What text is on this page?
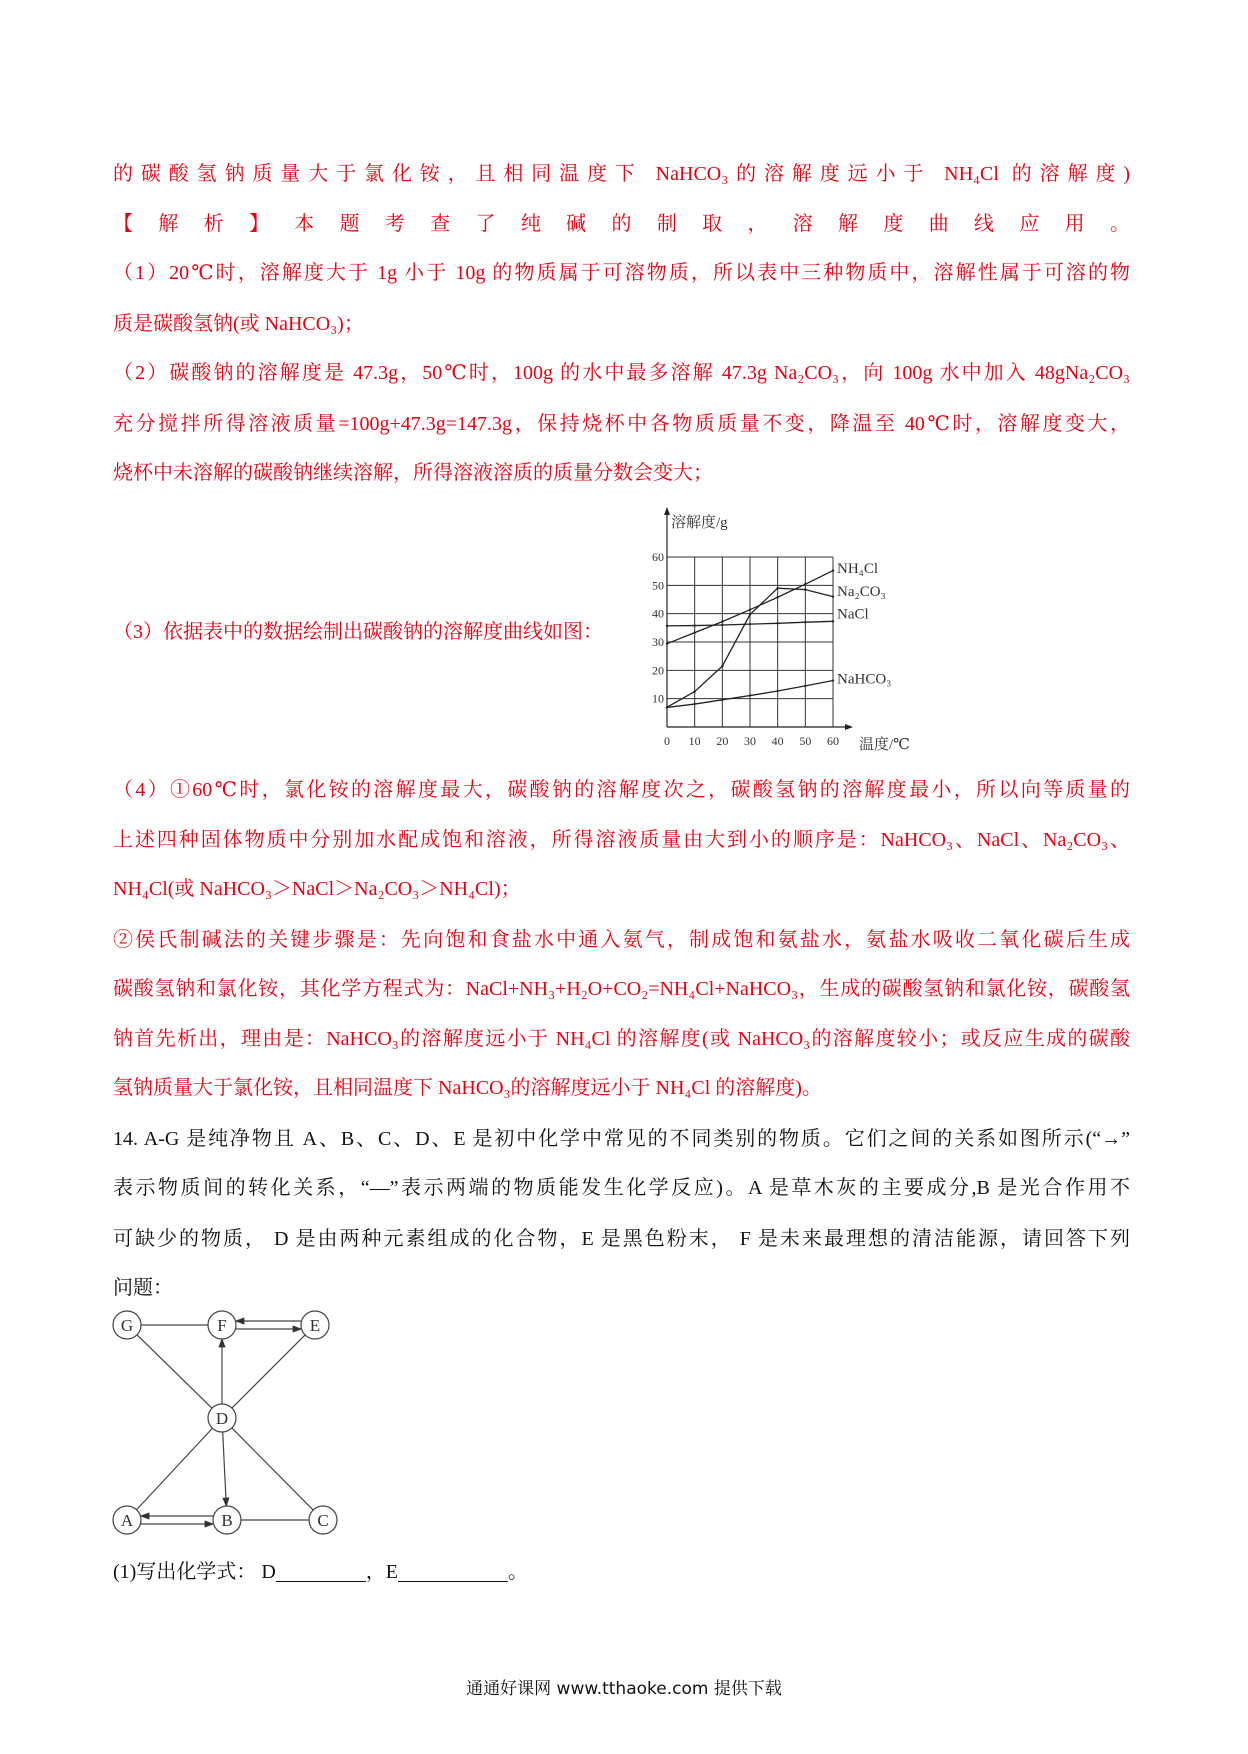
的碳酸氢钠质量大于氯化铵，且相同温度下 NaHCO₃的溶解度远小于 NH₄Cl 的溶解度)
【解析】本题考查了纯碱的制取，溶解度曲线应用。
（1）20℃时，溶解度大于 1g 小于 10g 的物质属于可溶物质，所以表中三种物质中，溶解性属于可溶的物
质是碳酸氢钠(或 NaHCO₃)；
（2）碳酸钠的溶解度是 47.3g，50℃时，100g 的水中最多溶解 47.3g Na₂CO₃，向 100g 水中加入 48gNa₂CO₃
充分搅拌所得溶液质量=100g+47.3g=147.3g，保持烧杯中各物质质量不变，降温至 40℃时，溶解度变大，
烧杯中未溶解的碳酸钠继续溶解，所得溶液溶质的质量分数会变大；
（3）依据表中的数据绘制出碳酸钠的溶解度曲线如图：
溶解度/g
温度/℃
0 10 20 30 40 50 60
10
20
30
40
50
60
NH₄Cl
Na₂CO₃
NaCl
NaHCO₃
（4）①60℃时，氯化铵的溶解度最大，碳酸钠的溶解度次之，碳酸氢钠的溶解度最小，所以向等质量的
上述四种固体物质中分别加水配成饱和溶液，所得溶液质量由大到小的顺序是：NaHCO₃、NaCl、Na₂CO₃、
NH₄Cl(或 NaHCO₃＞NaCl＞Na₂CO₃＞NH₄Cl)；
②侯氏制碱法的关键步骤是：先向饱和食盐水中通入氨气，制成饱和氨盐水，氨盐水吸收二氧化碳后生成
碳酸氢钠和氯化铵，其化学方程式为：NaCl+NH₃+H₂O+CO₂=NH₄Cl+NaHCO₃，生成的碳酸氢钠和氯化铵，碳酸氢
钠首先析出，理由是：NaHCO₃的溶解度远小于 NH₄Cl 的溶解度(或 NaHCO₃的溶解度较小；或反应生成的碳酸
氢钠质量大于氯化铵，且相同温度下 NaHCO₃的溶解度远小于 NH₄Cl 的溶解度)。
14. A-G 是纯净物且 A、B、C、D、E 是初中化学中常见的不同类别的物质。它们之间的关系如图所示(“→”
表示物质间的转化关系，“—”表示两端的物质能发生化学反应)。A 是草木灰的主要成分,B 是光合作用不
可缺少的物质， D 是由两种元素组成的化合物，E 是黑色粉末， F 是未来最理想的清洁能源，请回答下列
问题：
G	F	E
D
A	B	C
(1)写出化学式： D	，E	。
通通好课网 www.tthaoke.com 提供下载
